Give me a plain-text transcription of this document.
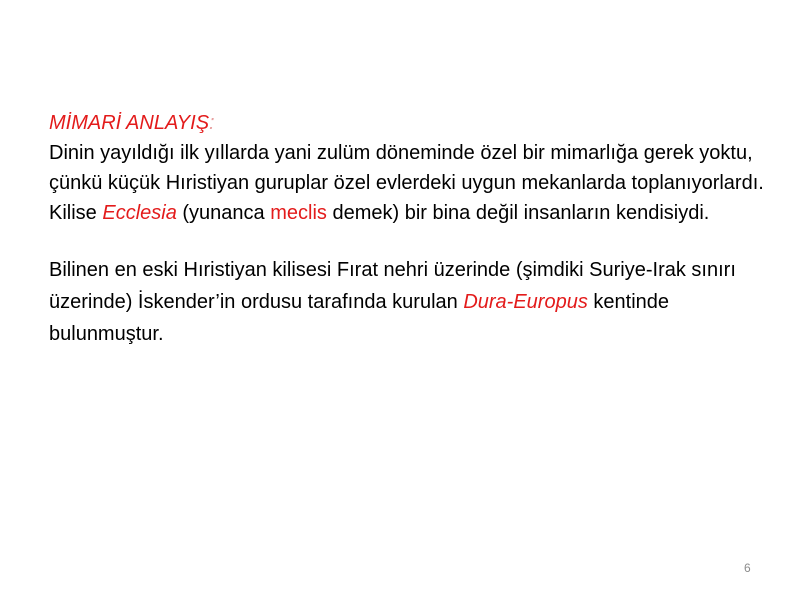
MİMARİ ANLAYIŞ:

Dinin yayıldığı ilk yıllarda yani zulüm döneminde özel bir mimarlığa gerek yoktu, çünkü küçük Hıristiyan guruplar özel evlerdeki uygun mekanlarda toplanıyorlardı. Kilise Ecclesia (yunanca meclis demek) bir bina değil insanların kendisiydi.

Bilinen en eski Hıristiyan kilisesi Fırat nehri üzerinde (şimdiki Suriye-Irak sınırı üzerinde) İskender’in ordusu tarafında kurulan Dura-Europus kentinde bulunmuştur.

6
